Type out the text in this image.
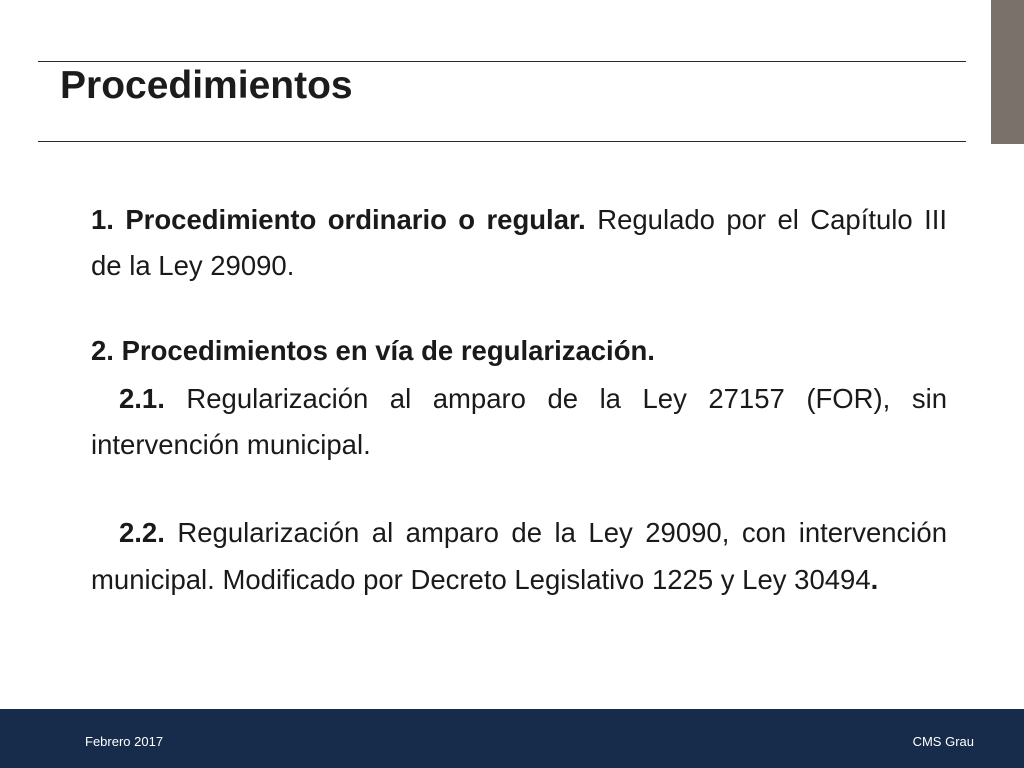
Procedimientos

1. Procedimiento ordinario o regular. Regulado por el Capítulo III de la Ley 29090.

2. Procedimientos en vía de regularización.

2.1. Regularización al amparo de la Ley 27157 (FOR), sin intervención municipal.

2.2. Regularización al amparo de la Ley 29090, con intervención municipal. Modificado por Decreto Legislativo 1225 y Ley 30494.

Febrero 2017	CMS Grau
